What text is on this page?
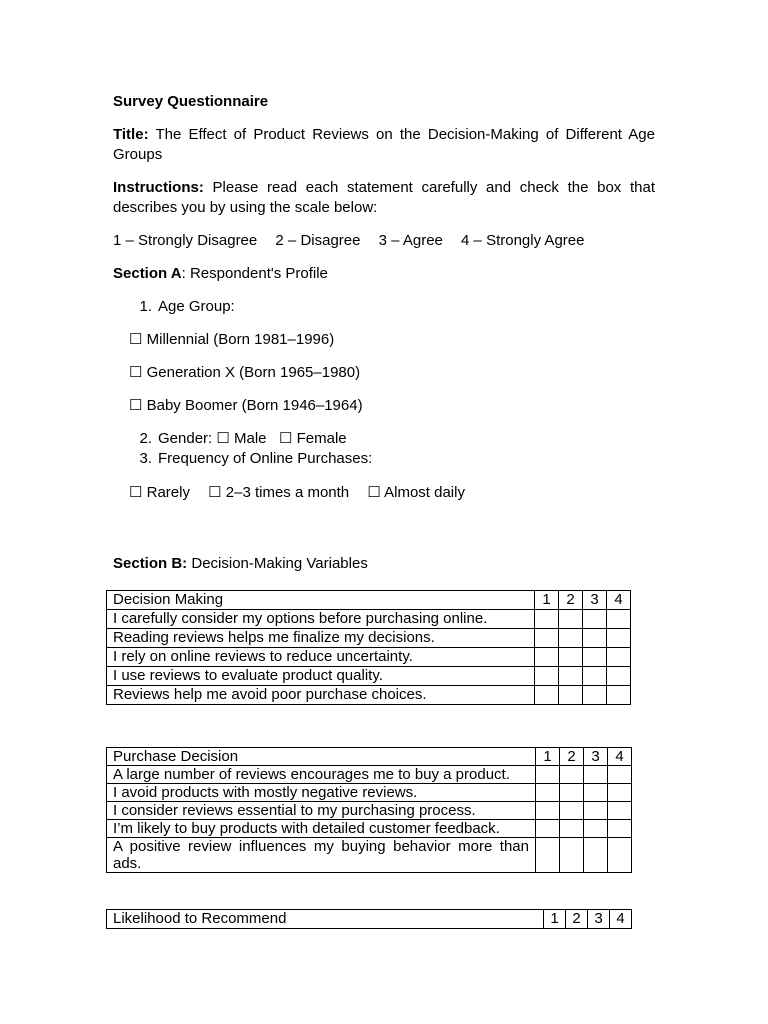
Survey Questionnaire

Title: The Effect of Product Reviews on the Decision-Making of Different Age Groups

Instructions: Please read each statement carefully and check the box that describes you by using the scale below:

1 – Strongly Disagree 2 – Disagree 3 – Agree 4 – Strongly Agree

Section A: Respondent's Profile

1. Age Group:
☐ Millennial (Born 1981–1996)
☐ Generation X (Born 1965–1980)
☐ Baby Boomer (Born 1946–1964)
2. Gender: ☐ Male   ☐ Female
3. Frequency of Online Purchases:
☐ Rarely ☐ 2–3 times a month ☐ Almost daily

Section B: Decision-Making Variables

Decision Making	1	2	3	4
I carefully consider my options before purchasing online.				
Reading reviews helps me finalize my decisions.				
I rely on online reviews to reduce uncertainty.				
I use reviews to evaluate product quality.				
Reviews help me avoid poor purchase choices.				
Purchase Decision	1	2	3	4
A large number of reviews encourages me to buy a product.				
I avoid products with mostly negative reviews.				
I consider reviews essential to my purchasing process.				
I’m likely to buy products with detailed customer feedback.				
A positive review influences my buying behavior more than ads.				
Likelihood to Recommend	1	2	3	4
